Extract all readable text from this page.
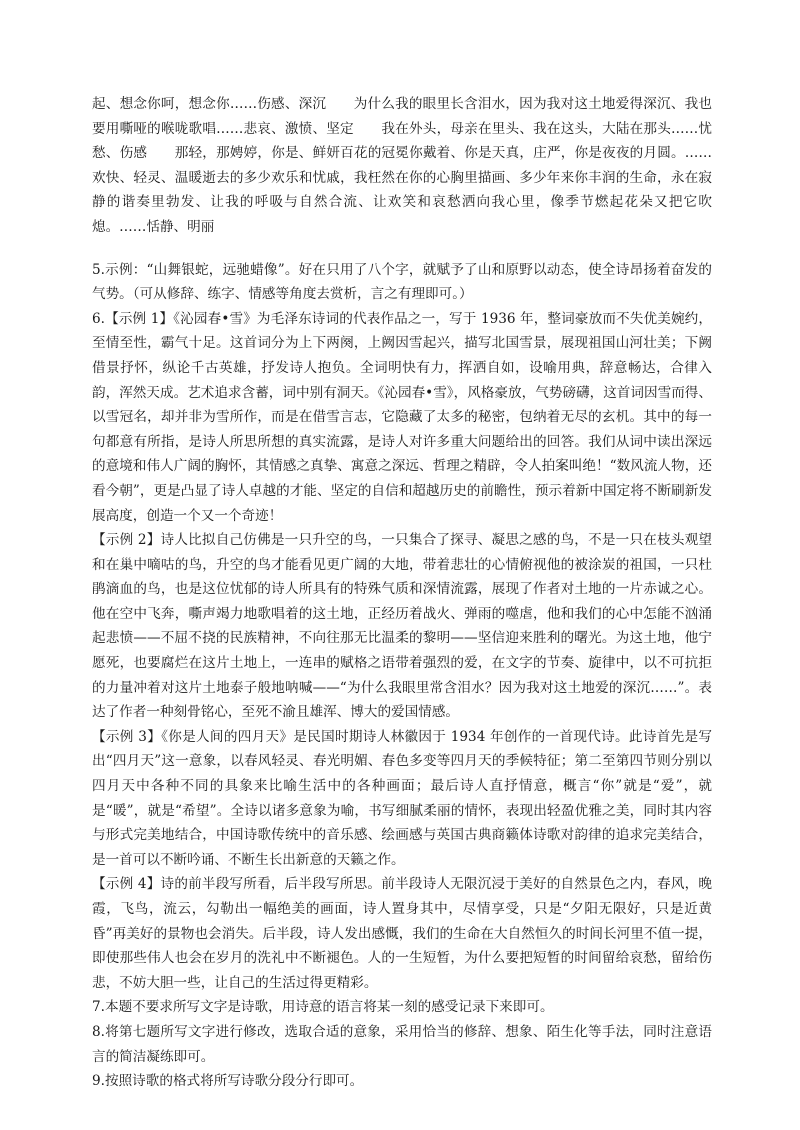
起、想念你呵，想念你……伤感、深沉　　为什么我的眼里长含泪水，因为我对这土地爱得深沉、我也要用嘶哑的喉咙歌唱……悲哀、激愤、坚定　　我在外头，母亲在里头、我在这头，大陆在那头……忧愁、伤感　　那轻，那娉婷，你是、鲜妍百花的冠冕你戴着、你是天真，庄严，你是夜夜的月圆。……欢快、轻灵、温暖逝去的多少欢乐和忧戚，我枉然在你的心胸里描画、多少年来你丰润的生命，永在寂静的谐奏里勃发、让我的呼吸与自然合流、让欢笑和哀愁洒向我心里，像季节燃起花朵又把它吹熄。……恬静、明丽

5.示例：“山舞银蛇，远驰蜡像”。好在只用了八个字，就赋予了山和原野以动态，使全诗昂扬着奋发的气势。（可从修辞、练字、情感等角度去赏析，言之有理即可。）

6.【示例 1】《沁园春•雪》为毛泽东诗词的代表作品之一，写于 1936 年，整词豪放而不失优美婉约，至情至性，霸气十足。这首词分为上下两阕，上阙因雪起兴，描写北国雪景，展现祖国山河壮美；下阙借景抒怀，纵论千古英雄，抒发诗人抱负。全词明快有力，挥洒自如，设喻用典，辞意畅达，合律入韵，浑然天成。艺术追求含蓄，词中别有洞天。《沁园春•雪》，风格豪放，气势磅礴，这首词因雪而得、以雪冠名，却并非为雪所作，而是在借雪言志，它隐藏了太多的秘密，包纳着无尽的玄机。其中的每一句都意有所指，是诗人所思所想的真实流露，是诗人对许多重大问题给出的回答。我们从词中读出深远的意境和伟人广阔的胸怀，其情感之真挚、寓意之深远、哲理之精辟，令人拍案叫绝！“数风流人物，还看今朝”，更是凸显了诗人卓越的才能、坚定的自信和超越历史的前瞻性，预示着新中国定将不断刷新发展高度，创造一个又一个奇迹！

【示例 2】诗人比拟自己仿佛是一只升空的鸟，一只集合了探寻、凝思之感的鸟，不是一只在枝头观望和在巢中嘀咕的鸟，升空的鸟才能看见更广阔的大地，带着悲壮的心情俯视他的被涂炭的祖国，一只杜鹃滴血的鸟，也是这位忧郁的诗人所具有的特殊气质和深情流露，展现了作者对土地的一片赤诚之心。他在空中飞奔，嘶声竭力地歌唱着的这土地，正经历着战火、弹雨的噬虐，他和我们的心中怎能不汹涌起悲愤——不屈不挠的民族精神，不向往那无比温柔的黎明——坚信迎来胜利的曙光。为这土地，他宁愿死，也要腐烂在这片土地上，一连串的赋格之语带着强烈的爱，在文字的节奏、旋律中，以不可抗拒的力量冲着对这片土地泰子般地呐喊——“为什么我眼里常含泪水？因为我对这土地爱的深沉……”。表达了作者一种刻骨铭心，至死不渝且雄浑、博大的爱国情感。

【示例 3】《你是人间的四月天》是民国时期诗人林徽因于 1934 年创作的一首现代诗。此诗首先是写出“四月天”这一意象，以春风轻灵、春光明媚、春色多变等四月天的季候特征；第二至第四节则分别以四月天中各种不同的具象来比喻生活中的各种画面；最后诗人直抒情意，概言“你”就是“爱”，就是“暖”，就是“希望”。全诗以诸多意象为喻，书写细腻柔丽的情怀，表现出轻盈优雅之美，同时其内容与形式完美地结合，中国诗歌传统中的音乐感、绘画感与英国古典商籁体诗歌对韵律的追求完美结合，是一首可以不断吟诵、不断生长出新意的天籁之作。

【示例 4】诗的前半段写所看，后半段写所思。前半段诗人无限沉浸于美好的自然景色之内，春风，晚霞，飞鸟，流云，勾勒出一幅绝美的画面，诗人置身其中，尽情享受，只是“夕阳无限好，只是近黄昏”再美好的景物也会消失。后半段，诗人发出感慨，我们的生命在大自然恒久的时间长河里不值一提，即使那些伟人也会在岁月的洗礼中不断褪色。人的一生短暂，为什么要把短暂的时间留给哀愁，留给伤悲，不妨大胆一些，让自己的生活过得更精彩。

7.本题不要求所写文字是诗歌，用诗意的语言将某一刻的感受记录下来即可。

8.将第七题所写文字进行修改，选取合适的意象，采用恰当的修辞、想象、陌生化等手法，同时注意语言的简洁凝练即可。

9.按照诗歌的格式将所写诗歌分段分行即可。
